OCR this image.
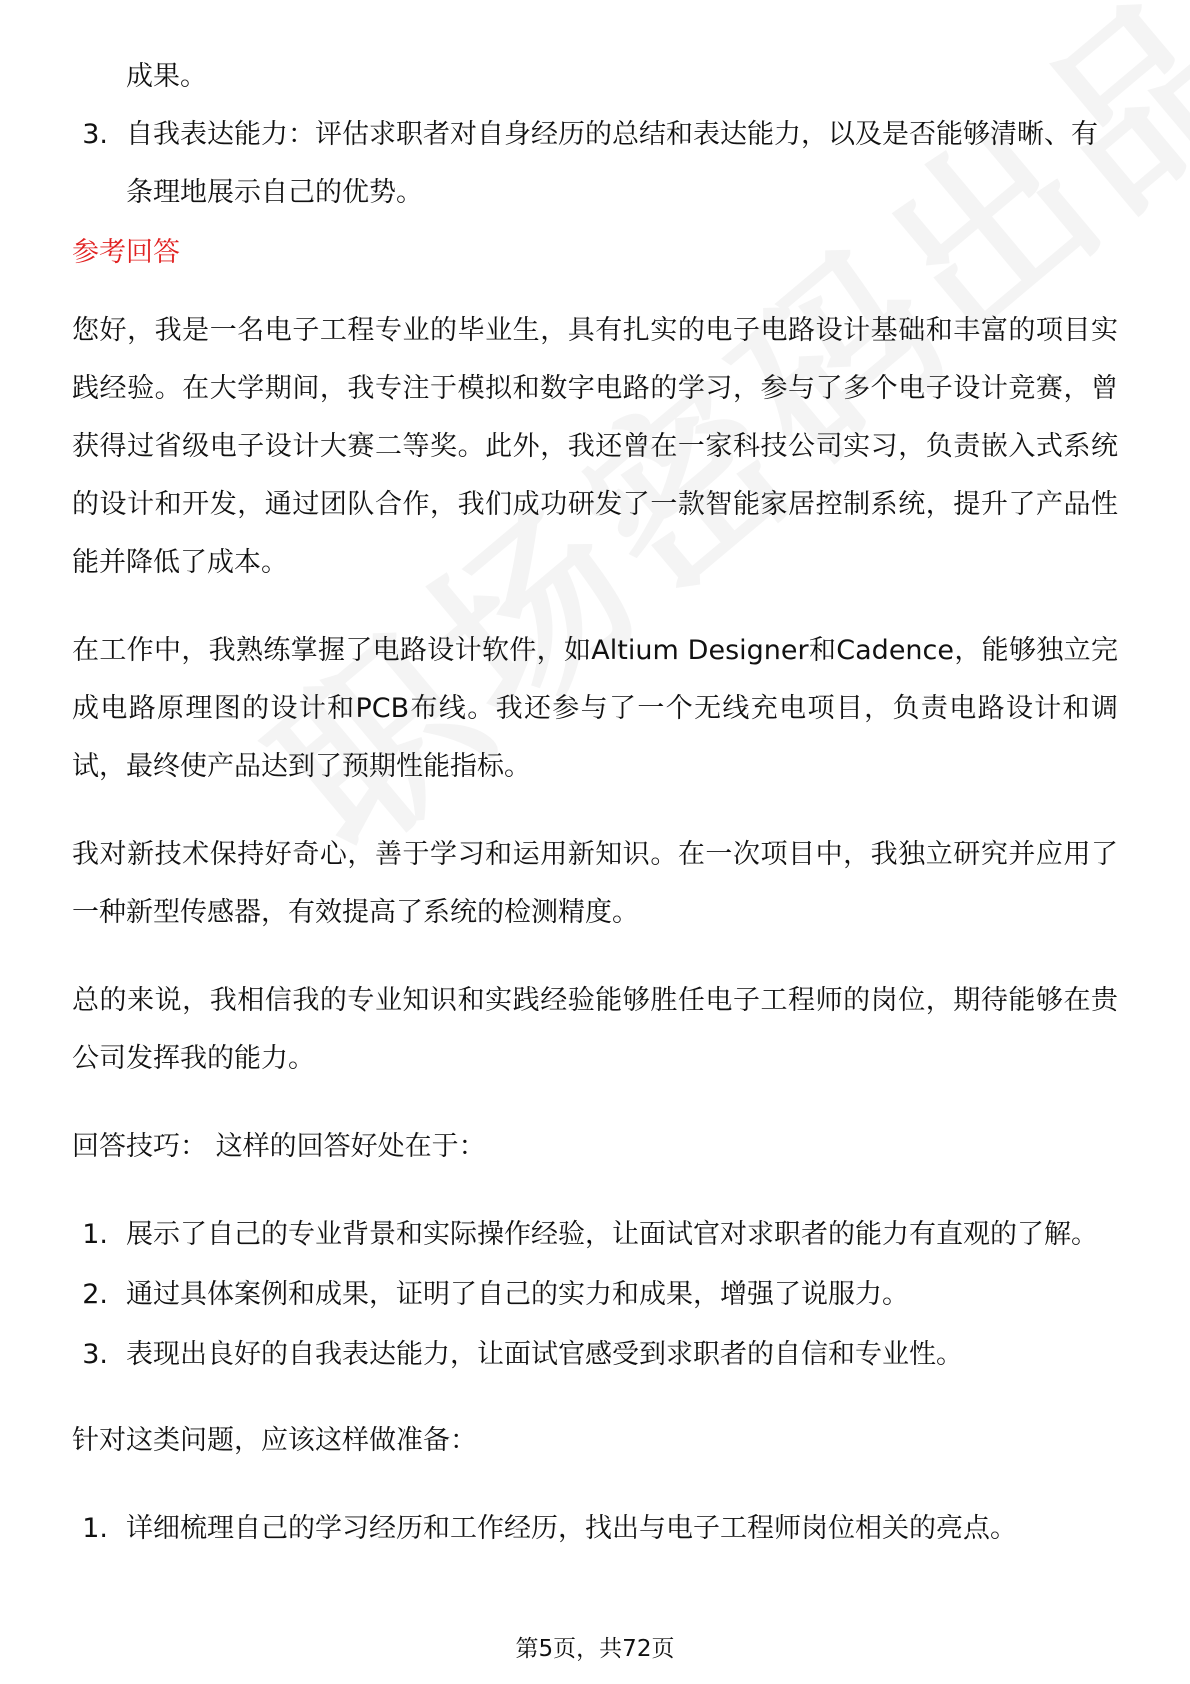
成果。
3. 自我表达能力：评估求职者对自身经历的总结和表达能力，以及是否能够清晰、有条理地展示自己的优势。
参考回答

您好，我是一名电子工程专业的毕业生，具有扎实的电子电路设计基础和丰富的项目实践经验。在大学期间，我专注于模拟和数字电路的学习，参与了多个电子设计竞赛，曾获得过省级电子设计大赛二等奖。此外，我还曾在一家科技公司实习，负责嵌入式系统的设计和开发，通过团队合作，我们成功研发了一款智能家居控制系统，提升了产品性能并降低了成本。

在工作中，我熟练掌握了电路设计软件，如Altium Designer和Cadence，能够独立完成电路原理图的设计和PCB布线。我还参与了一个无线充电项目，负责电路设计和调试，最终使产品达到了预期性能指标。

我对新技术保持好奇心，善于学习和运用新知识。在一次项目中，我独立研究并应用了一种新型传感器，有效提高了系统的检测精度。

总的来说，我相信我的专业知识和实践经验能够胜任电子工程师的岗位，期待能够在贵公司发挥我的能力。

回答技巧： 这样的回答好处在于：

1. 展示了自己的专业背景和实际操作经验，让面试官对求职者的能力有直观的了解。
2. 通过具体案例和成果，证明了自己的实力和成果，增强了说服力。
3. 表现出良好的自我表达能力，让面试官感受到求职者的自信和专业性。

针对这类问题，应该这样做准备：

1. 详细梳理自己的学习经历和工作经历，找出与电子工程师岗位相关的亮点。
第5页，共72页
